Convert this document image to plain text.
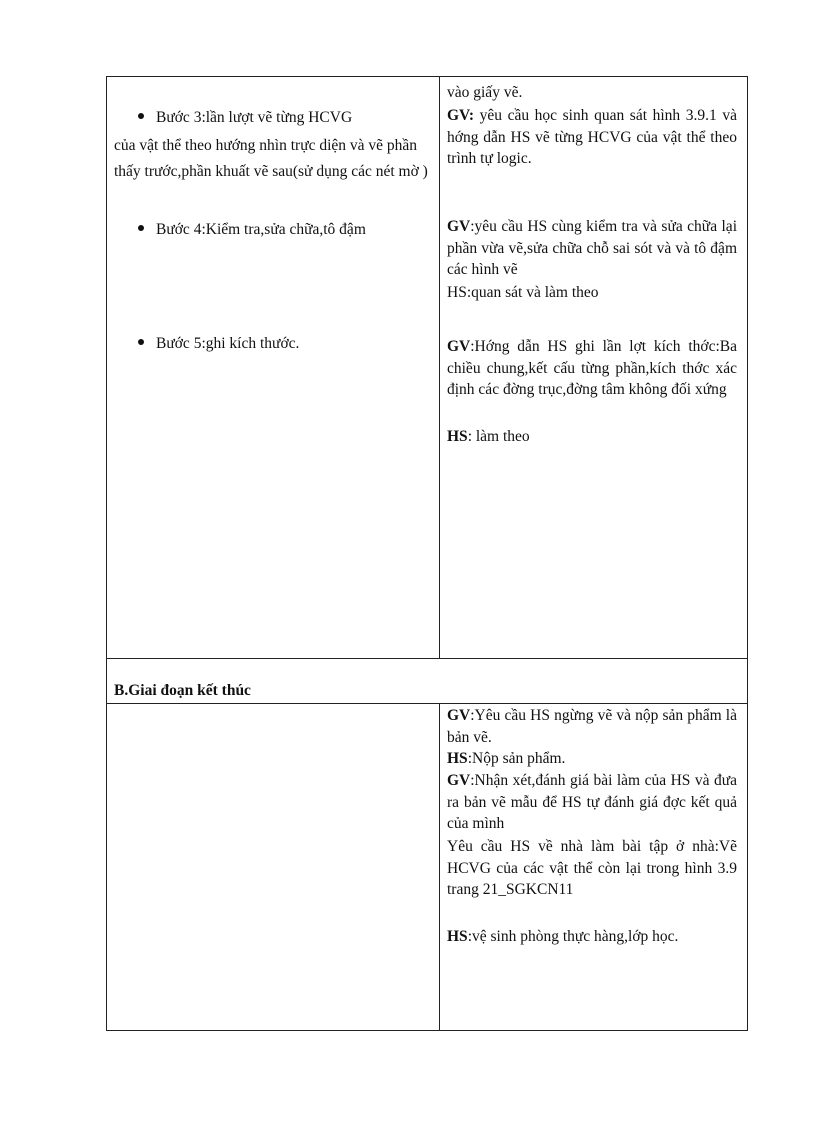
Bước 3:lần lượt vẽ từng HCVG
của vật thể theo hướng nhìn trực diện và vẽ phần thấy trước,phần khuất vẽ sau(sử dụng các nét mờ )
Bước 4:Kiểm tra,sửa chữa,tô đậm
Bước 5:ghi kích thước.
vào giấy vẽ.
GV: yêu cầu học sinh quan sát hình 3.9.1 và hớng dẫn HS vẽ từng HCVG của vật thể theo trình tự logic.
GV:yêu cầu HS cùng kiểm tra và sửa chữa lại phần vừa vẽ,sửa chữa chỗ sai sót và và tô đậm các hình vẽ
HS:quan sát và làm theo
GV:Hớng dẫn HS ghi lần lợt kích thớc:Ba chiều chung,kết cấu từng phần,kích thớc xác định các đờng trục,đờng tâm không đối xứng
HS: làm theo
B.Giai đoạn kết thúc
GV:Yêu cầu HS ngừng vẽ và nộp sản phẩm là bản vẽ.
HS:Nộp sản phẩm.
GV:Nhận xét,đánh giá bài làm của HS và đưa ra bản vẽ mẫu để HS tự đánh giá đợc kết quả của mình
Yêu cầu HS về nhà làm bài tập ở nhà:Vẽ HCVG của các vật thể còn lại trong hình 3.9 trang 21_SGKCN11
HS:vệ sinh phòng thực hàng,lớp học.
